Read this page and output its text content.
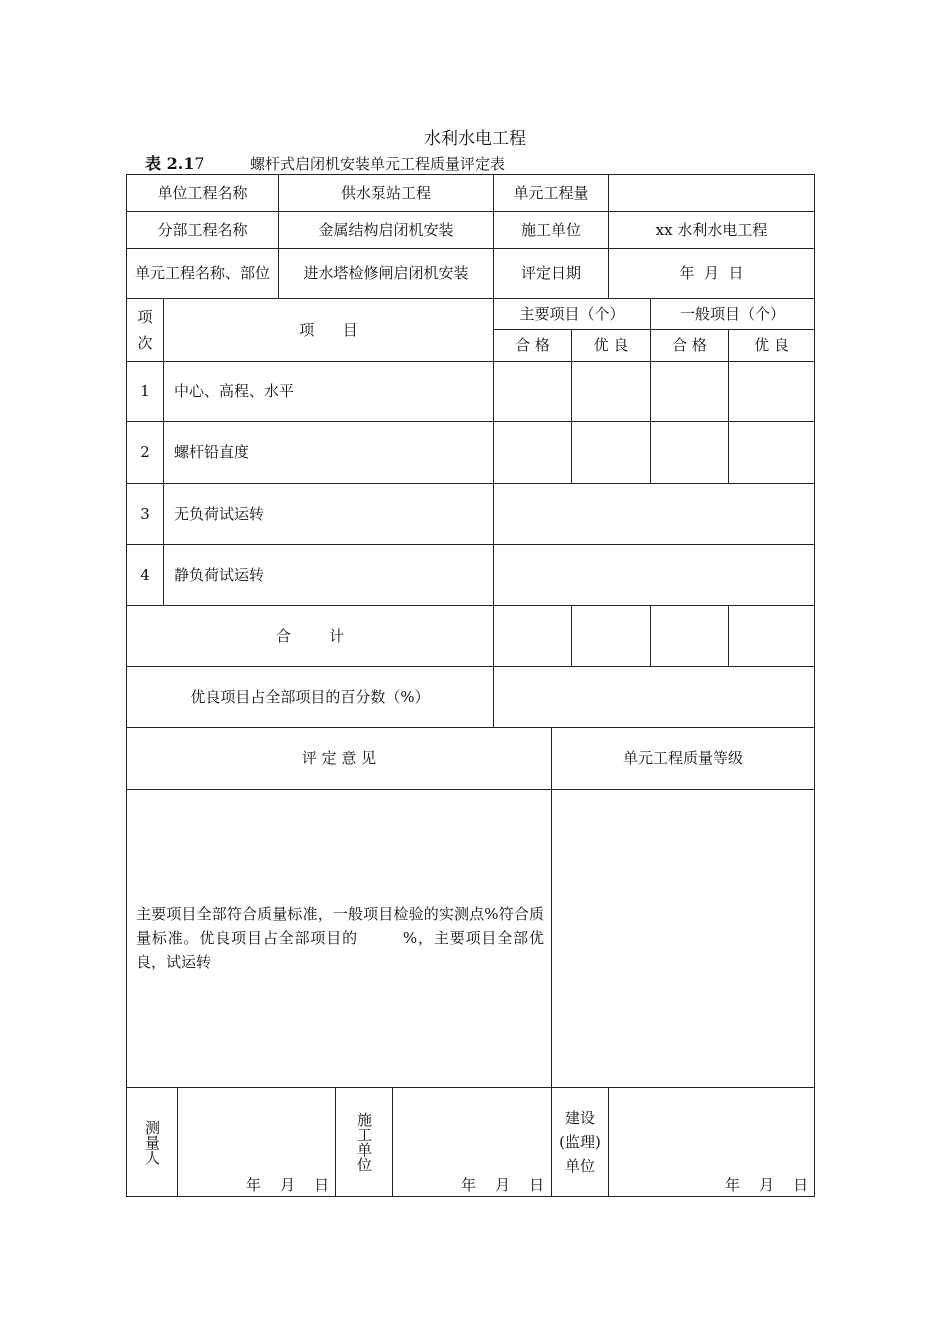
水利水电工程
表 2.17	螺杆式启闭机安装单元工程质量评定表
单位工程名称	供水泵站工程	单元工程量
分部工程名称	金属结构启闭机安装	施工单位	xx 水利水电工程
单元工程名称、部位	进水塔检修闸启闭机安装	评定日期	年  月  日
项次
项      目
主要项目（个）	一般项目（个）
合 格	优 良	合 格	优 良
1	中心、高程、水平
2	螺杆铅直度
3	无负荷试运转
4	静负荷试运转
合        计
优良项目占全部项目的百分数（%）
评 定 意 见	单元工程质量等级
主要项目全部符合质量标准，一般项目检验的实测点%符合质量标准。优良项目占全部项目的        %，主要项目全部优良，试运转
测量人
年    月    日
施工单位
年    月    日
建设(监理)单位
年    月    日
